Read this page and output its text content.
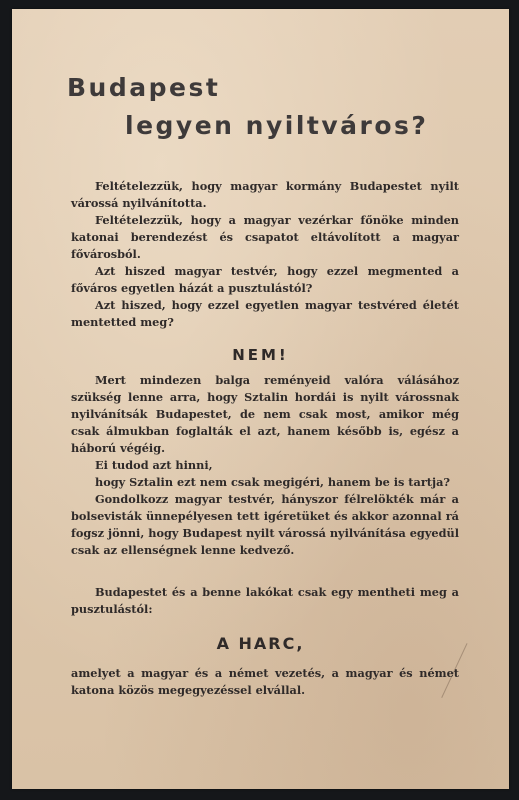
Budapest
legyen nyiltváros?

Feltételezzük, hogy magyar kormány Budapestet nyilt várossá nyilvánította.

Feltételezzük, hogy a magyar vezérkar főnöke minden katonai berendezést és csapatot eltávolított a magyar fővárosból.

Azt hiszed magyar testvér, hogy ezzel megmented a főváros egyetlen házát a pusztulástól?

Azt hiszed, hogy ezzel egyetlen magyar testvéred életét mentetted meg?

NEM!

Mert mindezen balga reményeid valóra válásához szükség lenne arra, hogy Sztalin hordái is nyilt várossnak nyilvánítsák Budapestet, de nem csak most, amikor még csak álmukban foglalták el azt, hanem később is, egész a háború végéig.

Ei tudod azt hinni,

hogy Sztalin ezt nem csak megigéri, hanem be is tartja?

Gondolkozz magyar testvér, hányszor félrelökték már a bolsevisták ünnepélyesen tett igéretüket és akkor azonnal rá fogsz jönni, hogy Budapest nyilt várossá nyilvánítása egyedül csak az ellenségnek lenne kedvező.

Budapestet és a benne lakókat csak egy mentheti meg a pusztulástól:

A HARC,

amelyet a magyar és a német vezetés, a magyar és német katona közös megegyezéssel elvállal.
